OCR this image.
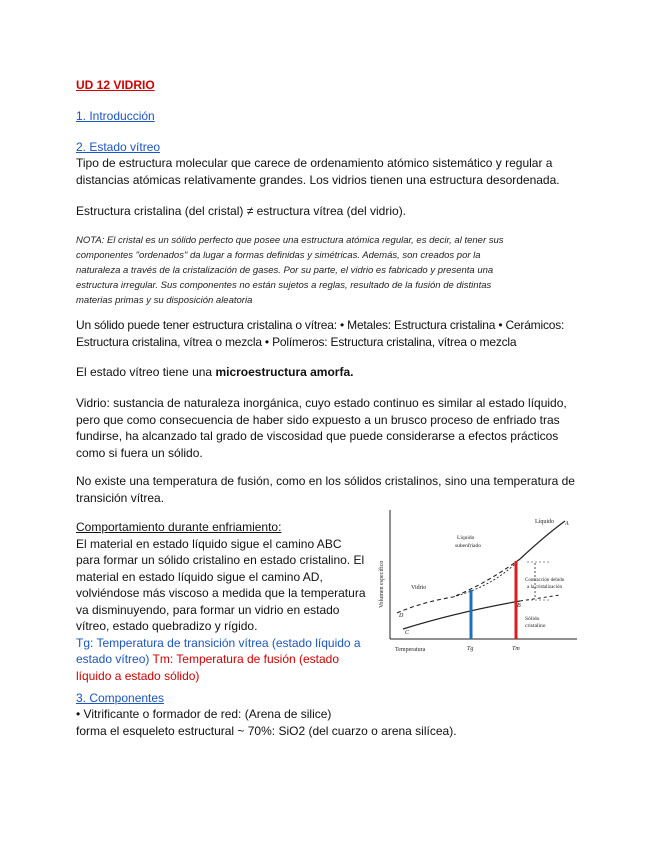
UD 12 VIDRIO
1. Introducción
2. Estado vítreo
Tipo de estructura molecular que carece de ordenamiento atómico sistemático y regular a
distancias atómicas relativamente grandes. Los vidrios tienen una estructura desordenada.
Estructura cristalina (del cristal) ≠ estructura vítrea (del vidrio).
NOTA: El cristal es un sólido perfecto que posee una estructura atómica regular, es decir, al tener sus
componentes "ordenados" da lugar a formas definidas y simétricas. Además, son creados por la
naturaleza a través de la cristalización de gases. Por su parte, el vidrio es fabricado y presenta una
estructura irregular. Sus componentes no están sujetos a reglas, resultado de la fusión de distintas
materias primas y su disposición aleatoria
Un sólido puede tener estructura cristalina o vítrea: • Metales: Estructura cristalina • Cerámicos:
Estructura cristalina, vítrea o mezcla • Polímeros: Estructura cristalina, vítrea o mezcla
El estado vítreo tiene una microestructura amorfa.
Vidrio: sustancia de naturaleza inorgánica, cuyo estado continuo es similar al estado líquido,
pero que como consecuencia de haber sido expuesto a un brusco proceso de enfriado tras
fundirse, ha alcanzado tal grado de viscosidad que puede considerarse a efectos prácticos
como si fuera un sólido.
No existe una temperatura de fusión, como en los sólidos cristalinos, sino una temperatura de
transición vítrea.
Comportamiento durante enfriamiento:
El material en estado líquido sigue el camino ABC
para formar un sólido cristalino en estado cristalino. El
material en estado líquido sigue el camino AD,
volviéndose más viscoso a medida que la temperatura
va disminuyendo, para formar un vidrio en estado
vítreo, estado quebradizo y rígido.
Tg: Temperatura de transición vítrea (estado líquido a
estado vítreo) Tm: Temperatura de fusión (estado
líquido a estado sólido)
3. Componentes
• Vitrificante o formador de red: (Arena de silice)
forma el esqueleto estructural ~ 70%: SiO2 (del cuarzo o arena silícea).
Volumen específico
Temperatura
Líquido
Líquido
subenfriado
Vidrio
Contracción debido
a la cristalización
Sólido
cristalino
A
B
C
D
Tg	Tm
